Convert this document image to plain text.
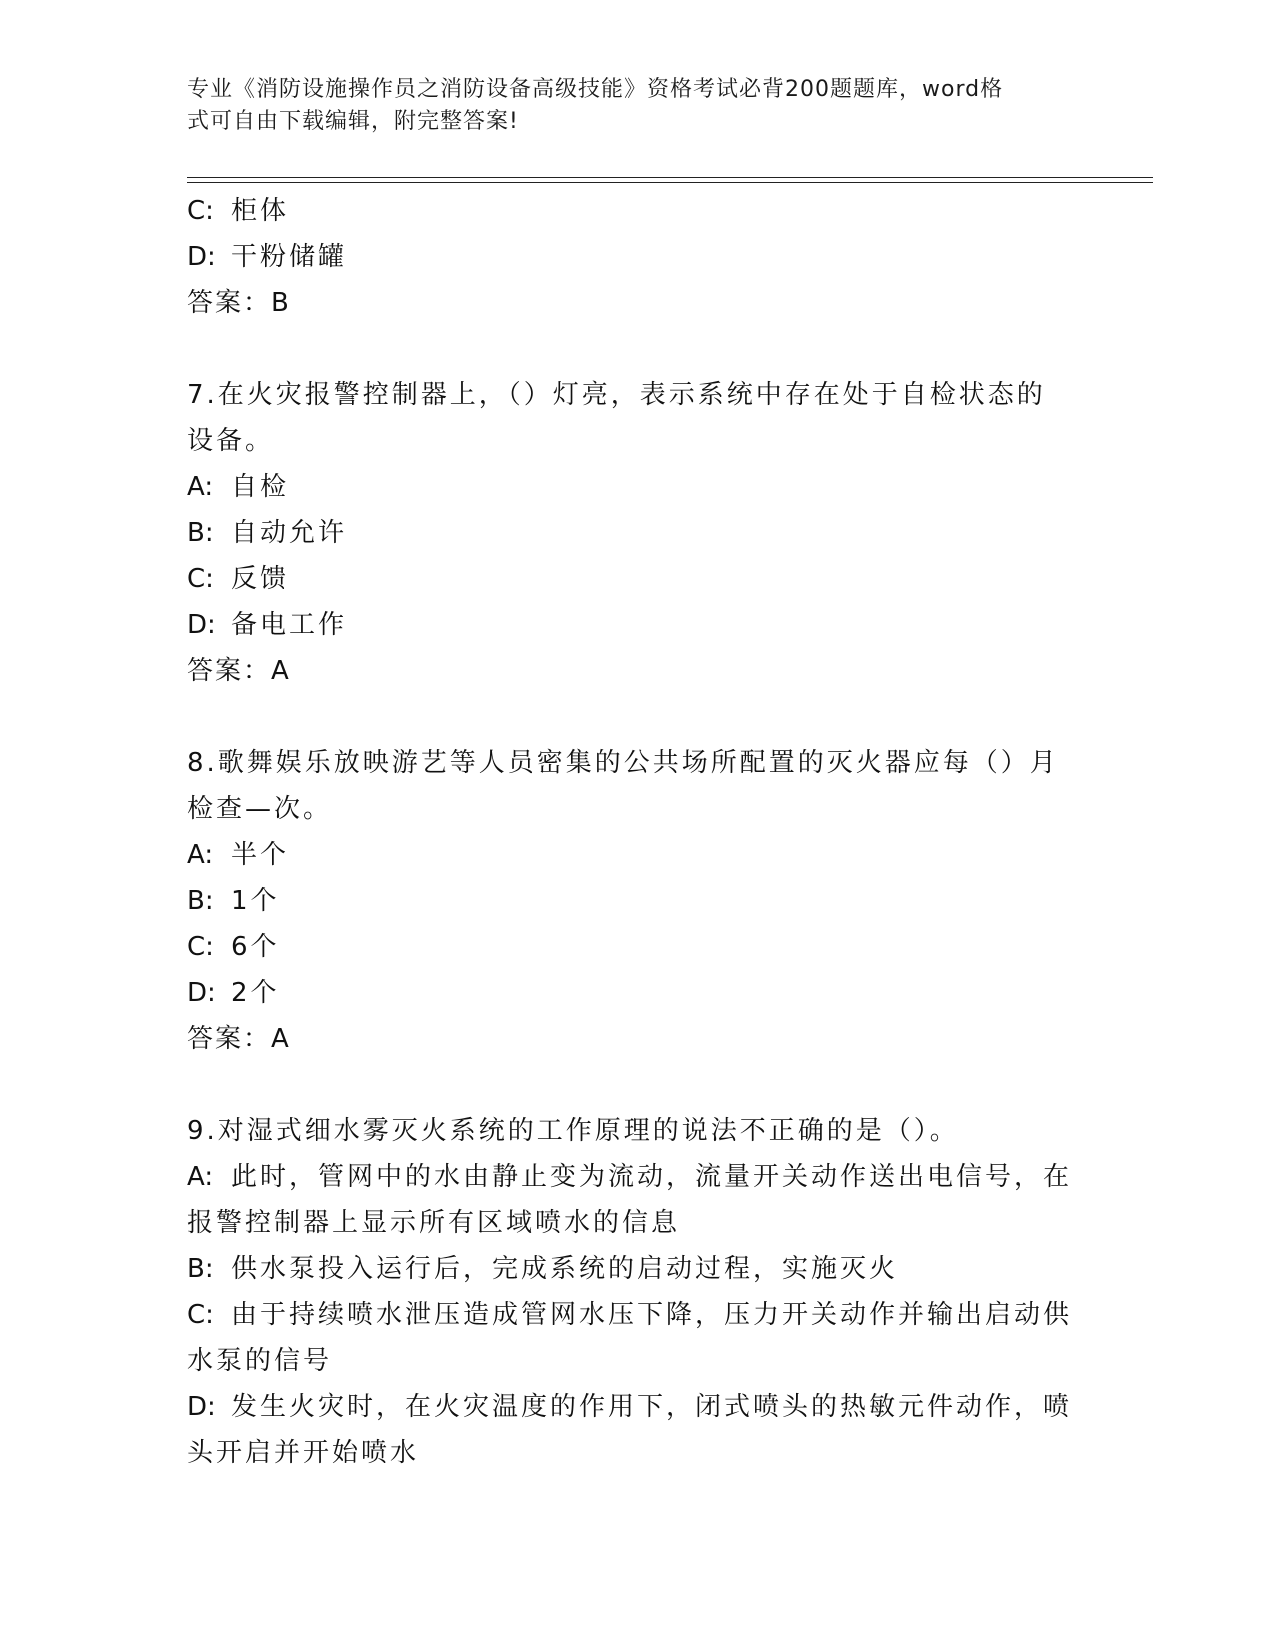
专业《消防设施操作员之消防设备高级技能》资格考试必背200题题库，word格
式可自由下载编辑，附完整答案!
C: 柜体
D: 干粉储罐
答案：B
7.在火灾报警控制器上，（）灯亮，表示系统中存在处于自检状态的
设备。
A: 自检
B: 自动允许
C: 反馈
D: 备电工作
答案：A
8.歌舞娱乐放映游艺等人员密集的公共场所配置的灭火器应每（）月
检查—次。
A: 半个
B: 1个
C: 6个
D: 2个
答案：A
9.对湿式细水雾灭火系统的工作原理的说法不正确的是（）。
A: 此时，管网中的水由静止变为流动，流量开关动作送出电信号，在
报警控制器上显示所有区域喷水的信息
B: 供水泵投入运行后，完成系统的启动过程，实施灭火
C: 由于持续喷水泄压造成管网水压下降，压力开关动作并输出启动供
水泵的信号
D: 发生火灾时，在火灾温度的作用下，闭式喷头的热敏元件动作，喷
头开启并开始喷水
